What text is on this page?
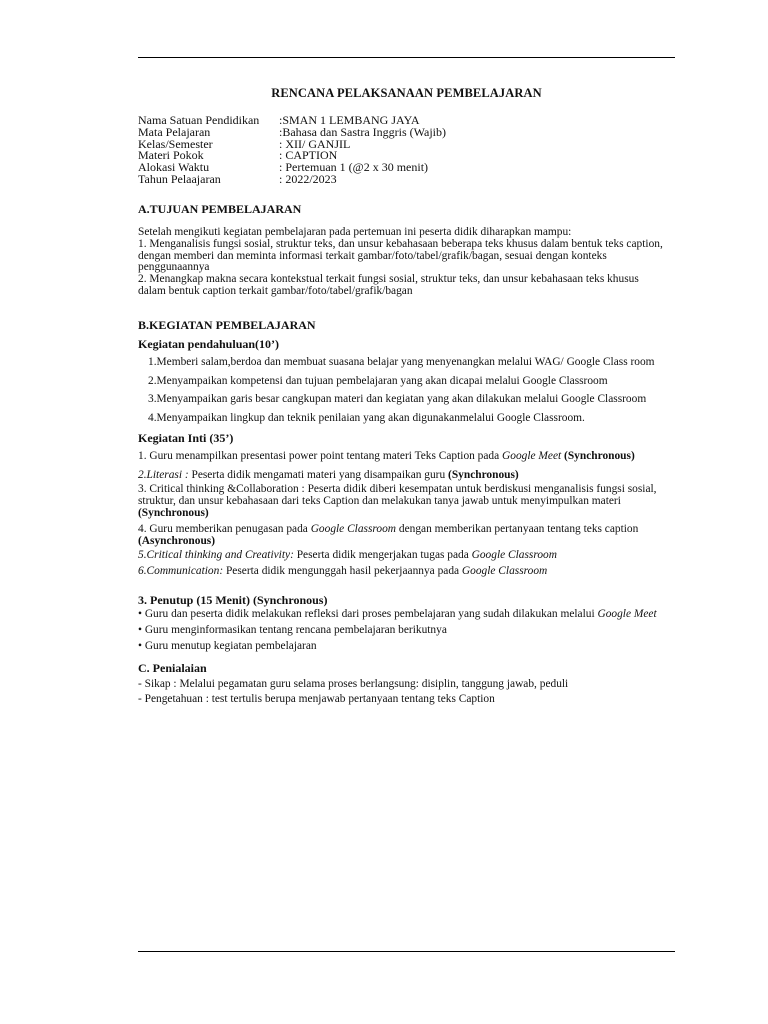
RENCANA PELAKSANAAN PEMBELAJARAN
Nama Satuan Pendidikan	:SMAN 1 LEMBANG JAYA
Mata Pelajaran	:Bahasa dan Sastra Inggris (Wajib)
Kelas/Semester	: XII/ GANJIL
Materi Pokok	: CAPTION
Alokasi Waktu	: Pertemuan 1 (@2 x 30 menit)
Tahun Pelaajaran	: 2022/2023
A.TUJUAN PEMBELAJARAN
Setelah mengikuti kegiatan pembelajaran pada pertemuan ini peserta didik diharapkan mampu:
1. Menganalisis fungsi sosial, struktur teks, dan unsur kebahasaan beberapa teks khusus dalam bentuk teks caption,
dengan memberi dan meminta informasi terkait gambar/foto/tabel/grafik/bagan, sesuai dengan konteks
penggunaannya
2. Menangkap makna secara kontekstual terkait fungsi sosial, struktur teks, dan unsur kebahasaan teks khusus
dalam bentuk caption terkait gambar/foto/tabel/grafik/bagan
B.KEGIATAN PEMBELAJARAN
Kegiatan pendahuluan(10’)
1.Memberi salam,berdoa dan membuat suasana belajar yang menyenangkan melalui WAG/ Google Class room
2.Menyampaikan kompetensi dan tujuan pembelajaran yang akan dicapai melalui Google Classroom
3.Menyampaikan garis besar cangkupan materi dan kegiatan yang akan dilakukan melalui Google Classroom
4.Menyampaikan lingkup dan teknik penilaian yang akan digunakanmelalui Google Classroom.
Kegiatan Inti (35’)
1. Guru menampilkan presentasi power point tentang materi Teks Caption pada Google Meet (Synchronous)
2.Literasi : Peserta didik mengamati materi yang disampaikan guru (Synchronous)
3. Critical thinking &Collaboration : Peserta didik diberi kesempatan untuk berdiskusi menganalisis fungsi sosial,
struktur, dan unsur kebahasaan dari teks Caption dan melakukan tanya jawab untuk menyimpulkan materi
(Synchronous)
4. Guru memberikan penugasan pada Google Classroom dengan memberikan pertanyaan tentang teks caption
(Asynchronous)
5.Critical thinking and Creativity: Peserta didik mengerjakan tugas pada Google Classroom
6.Communication: Peserta didik mengunggah hasil pekerjaannya pada Google Classroom
3. Penutup (15 Menit) (Synchronous)
• Guru dan peserta didik melakukan refleksi dari proses pembelajaran yang sudah dilakukan melalui Google Meet
• Guru menginformasikan tentang rencana pembelajaran berikutnya
• Guru menutup kegiatan pembelajaran
C. Penialaian
- Sikap : Melalui pegamatan guru selama proses berlangsung: disiplin, tanggung jawab, peduli
- Pengetahuan : test tertulis berupa menjawab pertanyaan tentang teks Caption
